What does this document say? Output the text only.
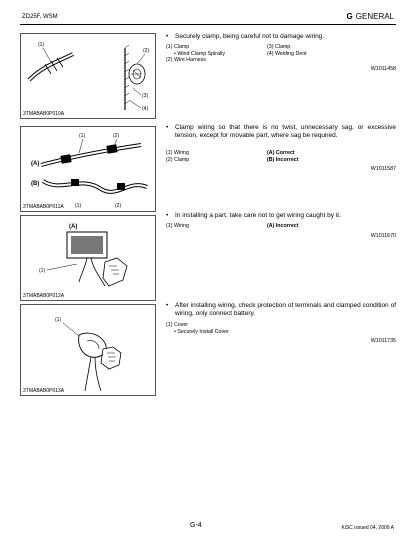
ZD25F, WSM	G GENERAL
(1)
(2)
(3)
(4)
3TMABAB0P010A
• Securely clamp, being careful not to damage wiring.
(1) Clamp	(3) Clamp
• Wind Clamp Spirally	(4) Welding Dent
(2) Wire Harness
W1011458
(1)	(2)
(A)
(B)
(1)	(2)
3TMABAB0P011A
• Clamp wiring so that there is no twist, unnecessary sag, or excessive tension, except for movable part, where sag be required.
(1) Wiring	(A) Correct
(2) Clamp	(B) Incorrect
W1011587
(A)
(1)
3TMABAB0P012A
• In installing a part, take care not to get wiring caught by it.
(1) Wiring	(A) Incorrect
W1011670
(1)
3TMABAB0P013A
• After installing wiring, check protection of terminals and clamped condition of wiring, only connect battery.
(1) Cover
• Securely Install Cover
W1011735
G-4	KiSC issued 04, 2009 A
